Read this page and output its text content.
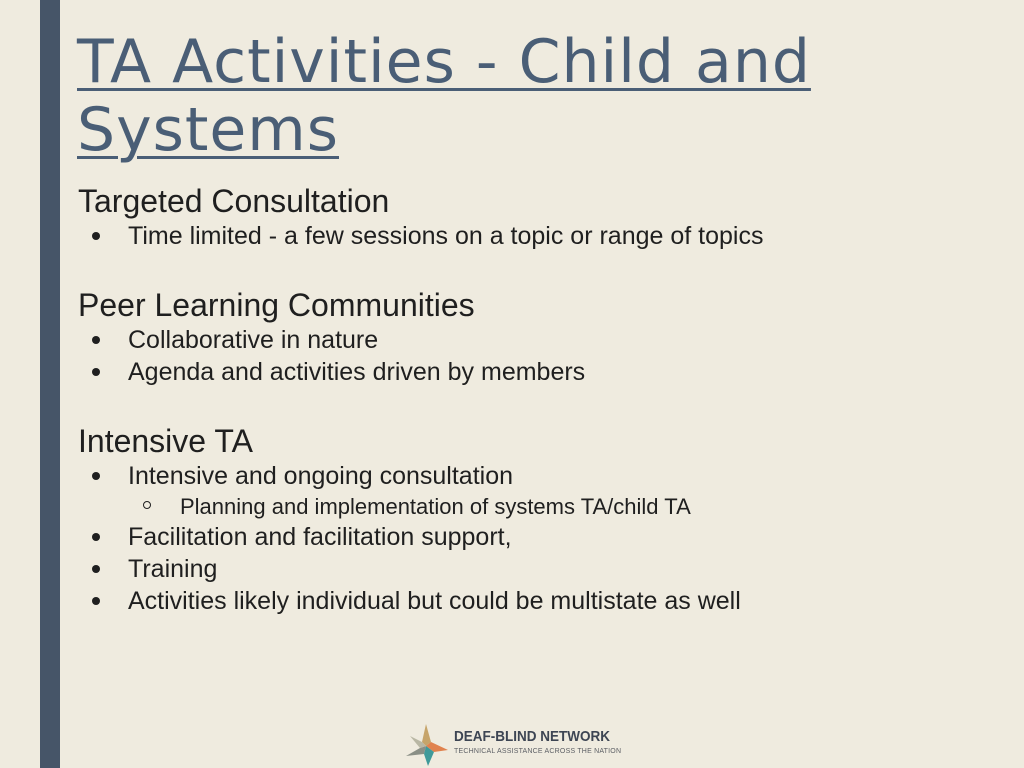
TA Activities - Child and Systems

Targeted Consultation

Time limited - a few sessions on a topic or range of topics

Peer Learning Communities

Collaborative in nature
Agenda and activities driven by members

Intensive TA

Intensive and ongoing consultation
Planning and implementation of systems TA/child TA
Facilitation and facilitation support,
Training
Activities likely individual but could be multistate as well
DEAF-BLIND NETWORK
TECHNICAL ASSISTANCE ACROSS THE NATION
